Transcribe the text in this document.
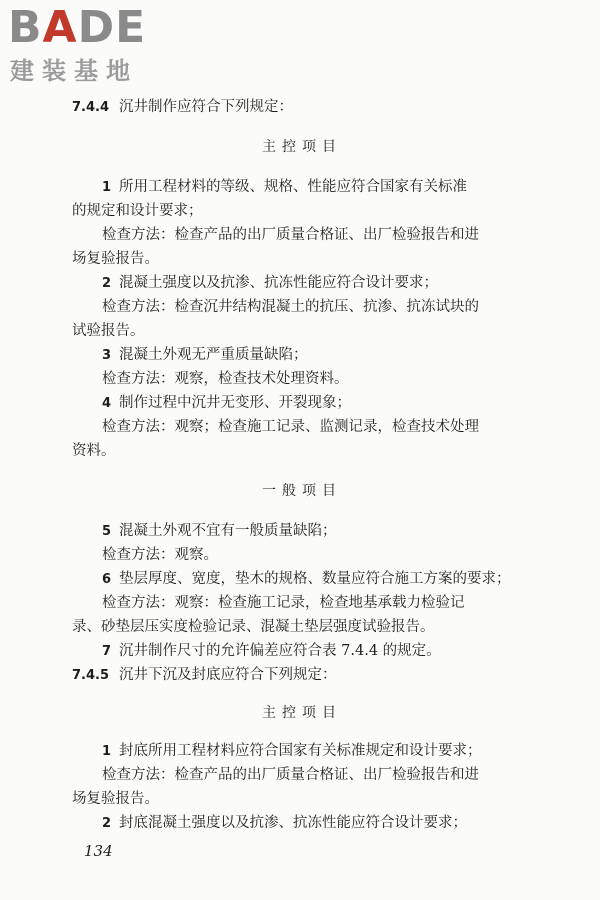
BADE
建装基地
7.4.4 沉井制作应符合下列规定：
主控项目
1 所用工程材料的等级、规格、性能应符合国家有关标准
的规定和设计要求；
检查方法：检查产品的出厂质量合格证、出厂检验报告和进
场复验报告。
2 混凝土强度以及抗渗、抗冻性能应符合设计要求；
检查方法：检查沉井结构混凝土的抗压、抗渗、抗冻试块的
试验报告。
3 混凝土外观无严重质量缺陷；
检查方法：观察，检查技术处理资料。
4 制作过程中沉井无变形、开裂现象；
检查方法：观察；检查施工记录、监测记录，检查技术处理
资料。
一般项目
5 混凝土外观不宜有一般质量缺陷；
检查方法：观察。
6 垫层厚度、宽度，垫木的规格、数量应符合施工方案的要求；
检查方法：观察：检查施工记录，检查地基承载力检验记
录、砂垫层压实度检验记录、混凝土垫层强度试验报告。
7 沉井制作尺寸的允许偏差应符合表 7.4.4 的规定。
7.4.5 沉井下沉及封底应符合下列规定：
主控项目
1 封底所用工程材料应符合国家有关标准规定和设计要求；
检查方法：检查产品的出厂质量合格证、出厂检验报告和进
场复验报告。
2 封底混凝土强度以及抗渗、抗冻性能应符合设计要求；
134
